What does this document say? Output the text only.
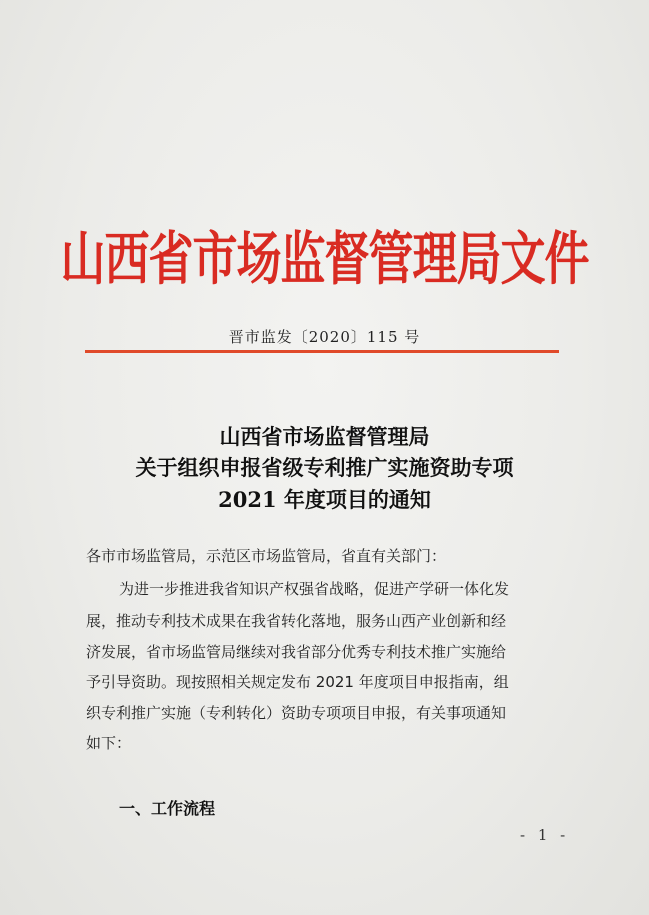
山西省市场监督管理局文件
晋市监发〔2020〕115 号
山西省市场监督管理局
关于组织申报省级专利推广实施资助专项
2021 年度项目的通知
各市市场监管局，示范区市场监管局，省直有关部门：
为进一步推进我省知识产权强省战略，促进产学研一体化发
展，推动专利技术成果在我省转化落地，服务山西产业创新和经
济发展，省市场监管局继续对我省部分优秀专利技术推广实施给
予引导资助。现按照相关规定发布 2021 年度项目申报指南，组
织专利推广实施（专利转化）资助专项项目申报，有关事项通知
如下：
一、工作流程
- 1 -
